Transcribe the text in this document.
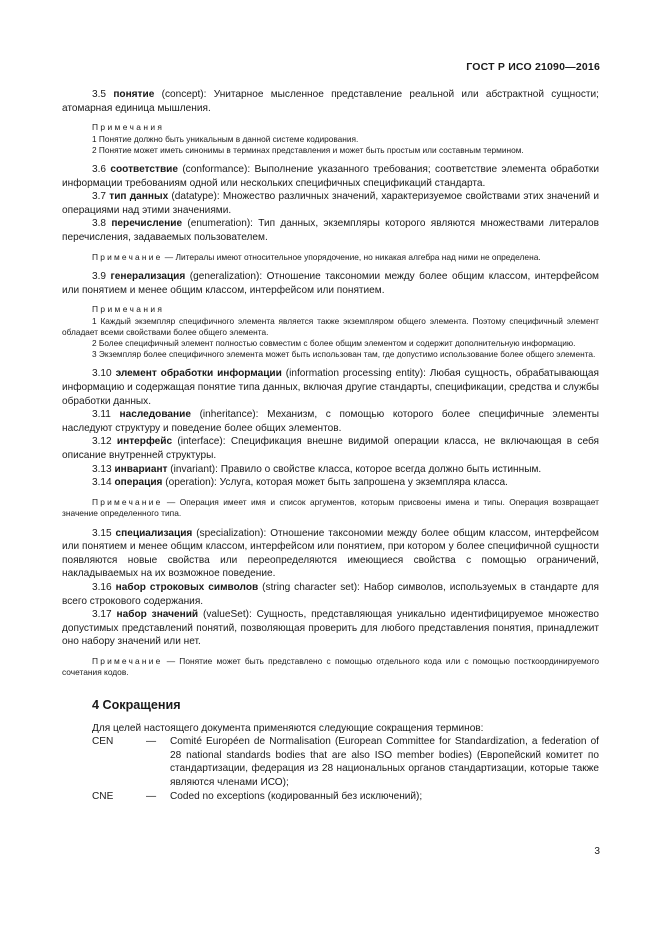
ГОСТ Р ИСО 21090—2016

3.5 понятие (concept): Унитарное мысленное представление реальной или абстрактной сущности; атомарная единица мышления.

Примечания

1 Понятие должно быть уникальным в данной системе кодирования.

2 Понятие может иметь синонимы в терминах представления и может быть простым или составным термином.

3.6 соответствие (conformance): Выполнение указанного требования; соответствие элемента обработки информации требованиям одной или нескольких специфичных спецификаций стандарта.

3.7 тип данных (datatype): Множество различных значений, характеризуемое свойствами этих значений и операциями над этими значениями.

3.8 перечисление (enumeration): Тип данных, экземпляры которого являются множествами литералов перечисления, задаваемых пользователем.

Примечание — Литералы имеют относительное упорядочение, но никакая алгебра над ними не определена.

3.9 генерализация (generalization): Отношение таксономии между более общим классом, интерфейсом или понятием и менее общим классом, интерфейсом или понятием.

Примечания

1 Каждый экземпляр специфичного элемента является также экземпляром общего элемента. Поэтому специфичный элемент обладает всеми свойствами более общего элемента.

2 Более специфичный элемент полностью совместим с более общим элементом и содержит дополнительную информацию.

3 Экземпляр более специфичного элемента может быть использован там, где допустимо использование более общего элемента.

3.10 элемент обработки информации (information processing entity): Любая сущность, обрабатывающая информацию и содержащая понятие типа данных, включая другие стандарты, спецификации, средства и службы обработки данных.

3.11 наследование (inheritance): Механизм, с помощью которого более специфичные элементы наследуют структуру и поведение более общих элементов.

3.12 интерфейс (interface): Спецификация внешне видимой операции класса, не включающая в себя описание внутренней структуры.

3.13 инвариант (invariant): Правило о свойстве класса, которое всегда должно быть истинным.

3.14 операция (operation): Услуга, которая может быть запрошена у экземпляра класса.

Примечание — Операция имеет имя и список аргументов, которым присвоены имена и типы. Операция возвращает значение определенного типа.

3.15 специализация (specialization): Отношение таксономии между более общим классом, интерфейсом или понятием и менее общим классом, интерфейсом или понятием, при котором у более специфичной сущности появляются новые свойства или переопределяются имеющиеся свойства с помощью ограничений, накладываемых на их возможное поведение.

3.16 набор строковых символов (string character set): Набор символов, используемых в стандарте для всего строкового содержания.

3.17 набор значений (valueSet): Сущность, представляющая уникально идентифицируемое множество допустимых представлений понятий, позволяющая проверить для любого представления понятия, принадлежит оно набору значений или нет.

Примечание — Понятие может быть представлено с помощью отдельного кода или с помощью посткоординируемого сочетания кодов.

4 Сокращения

Для целей настоящего документа применяются следующие сокращения терминов:

CEN	—	Comité Européen de Normalisation (European Committee for Standardization, a federation of 28 national standards bodies that are also ISO member bodies) (Европейский комитет по стандартизации, федерация из 28 национальных органов стандартизации, которые также являются членами ИСО);
CNE	—	Coded no exceptions (кодированный без исключений);
3
